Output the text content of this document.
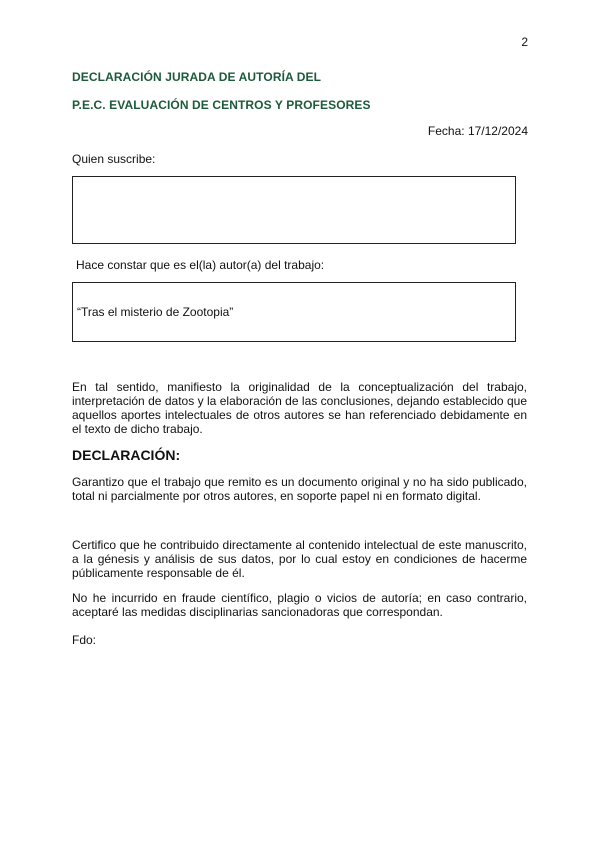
2
DECLARACIÓN JURADA DE AUTORÍA DEL
P.E.C. EVALUACIÓN DE CENTROS Y PROFESORES
Fecha: 17/12/2024
Quien suscribe:
Hace constar que es el(la) autor(a) del trabajo:
“Tras el misterio de Zootopia”
En tal sentido, manifiesto la originalidad de la conceptualización del trabajo, interpretación de datos y la elaboración de las conclusiones, dejando establecido que aquellos aportes intelectuales de otros autores se han referenciado debidamente en el texto de dicho trabajo.
DECLARACIÓN:
Garantizo que el trabajo que remito es un documento original y no ha sido publicado, total ni parcialmente por otros autores, en soporte papel ni en formato digital.
Certifico que he contribuido directamente al contenido intelectual de este manuscrito, a la génesis y análisis de sus datos, por lo cual estoy en condiciones de hacerme públicamente responsable de él.
No he incurrido en fraude científico, plagio o vicios de autoría; en caso contrario, aceptaré las medidas disciplinarias sancionadoras que correspondan.
Fdo:
